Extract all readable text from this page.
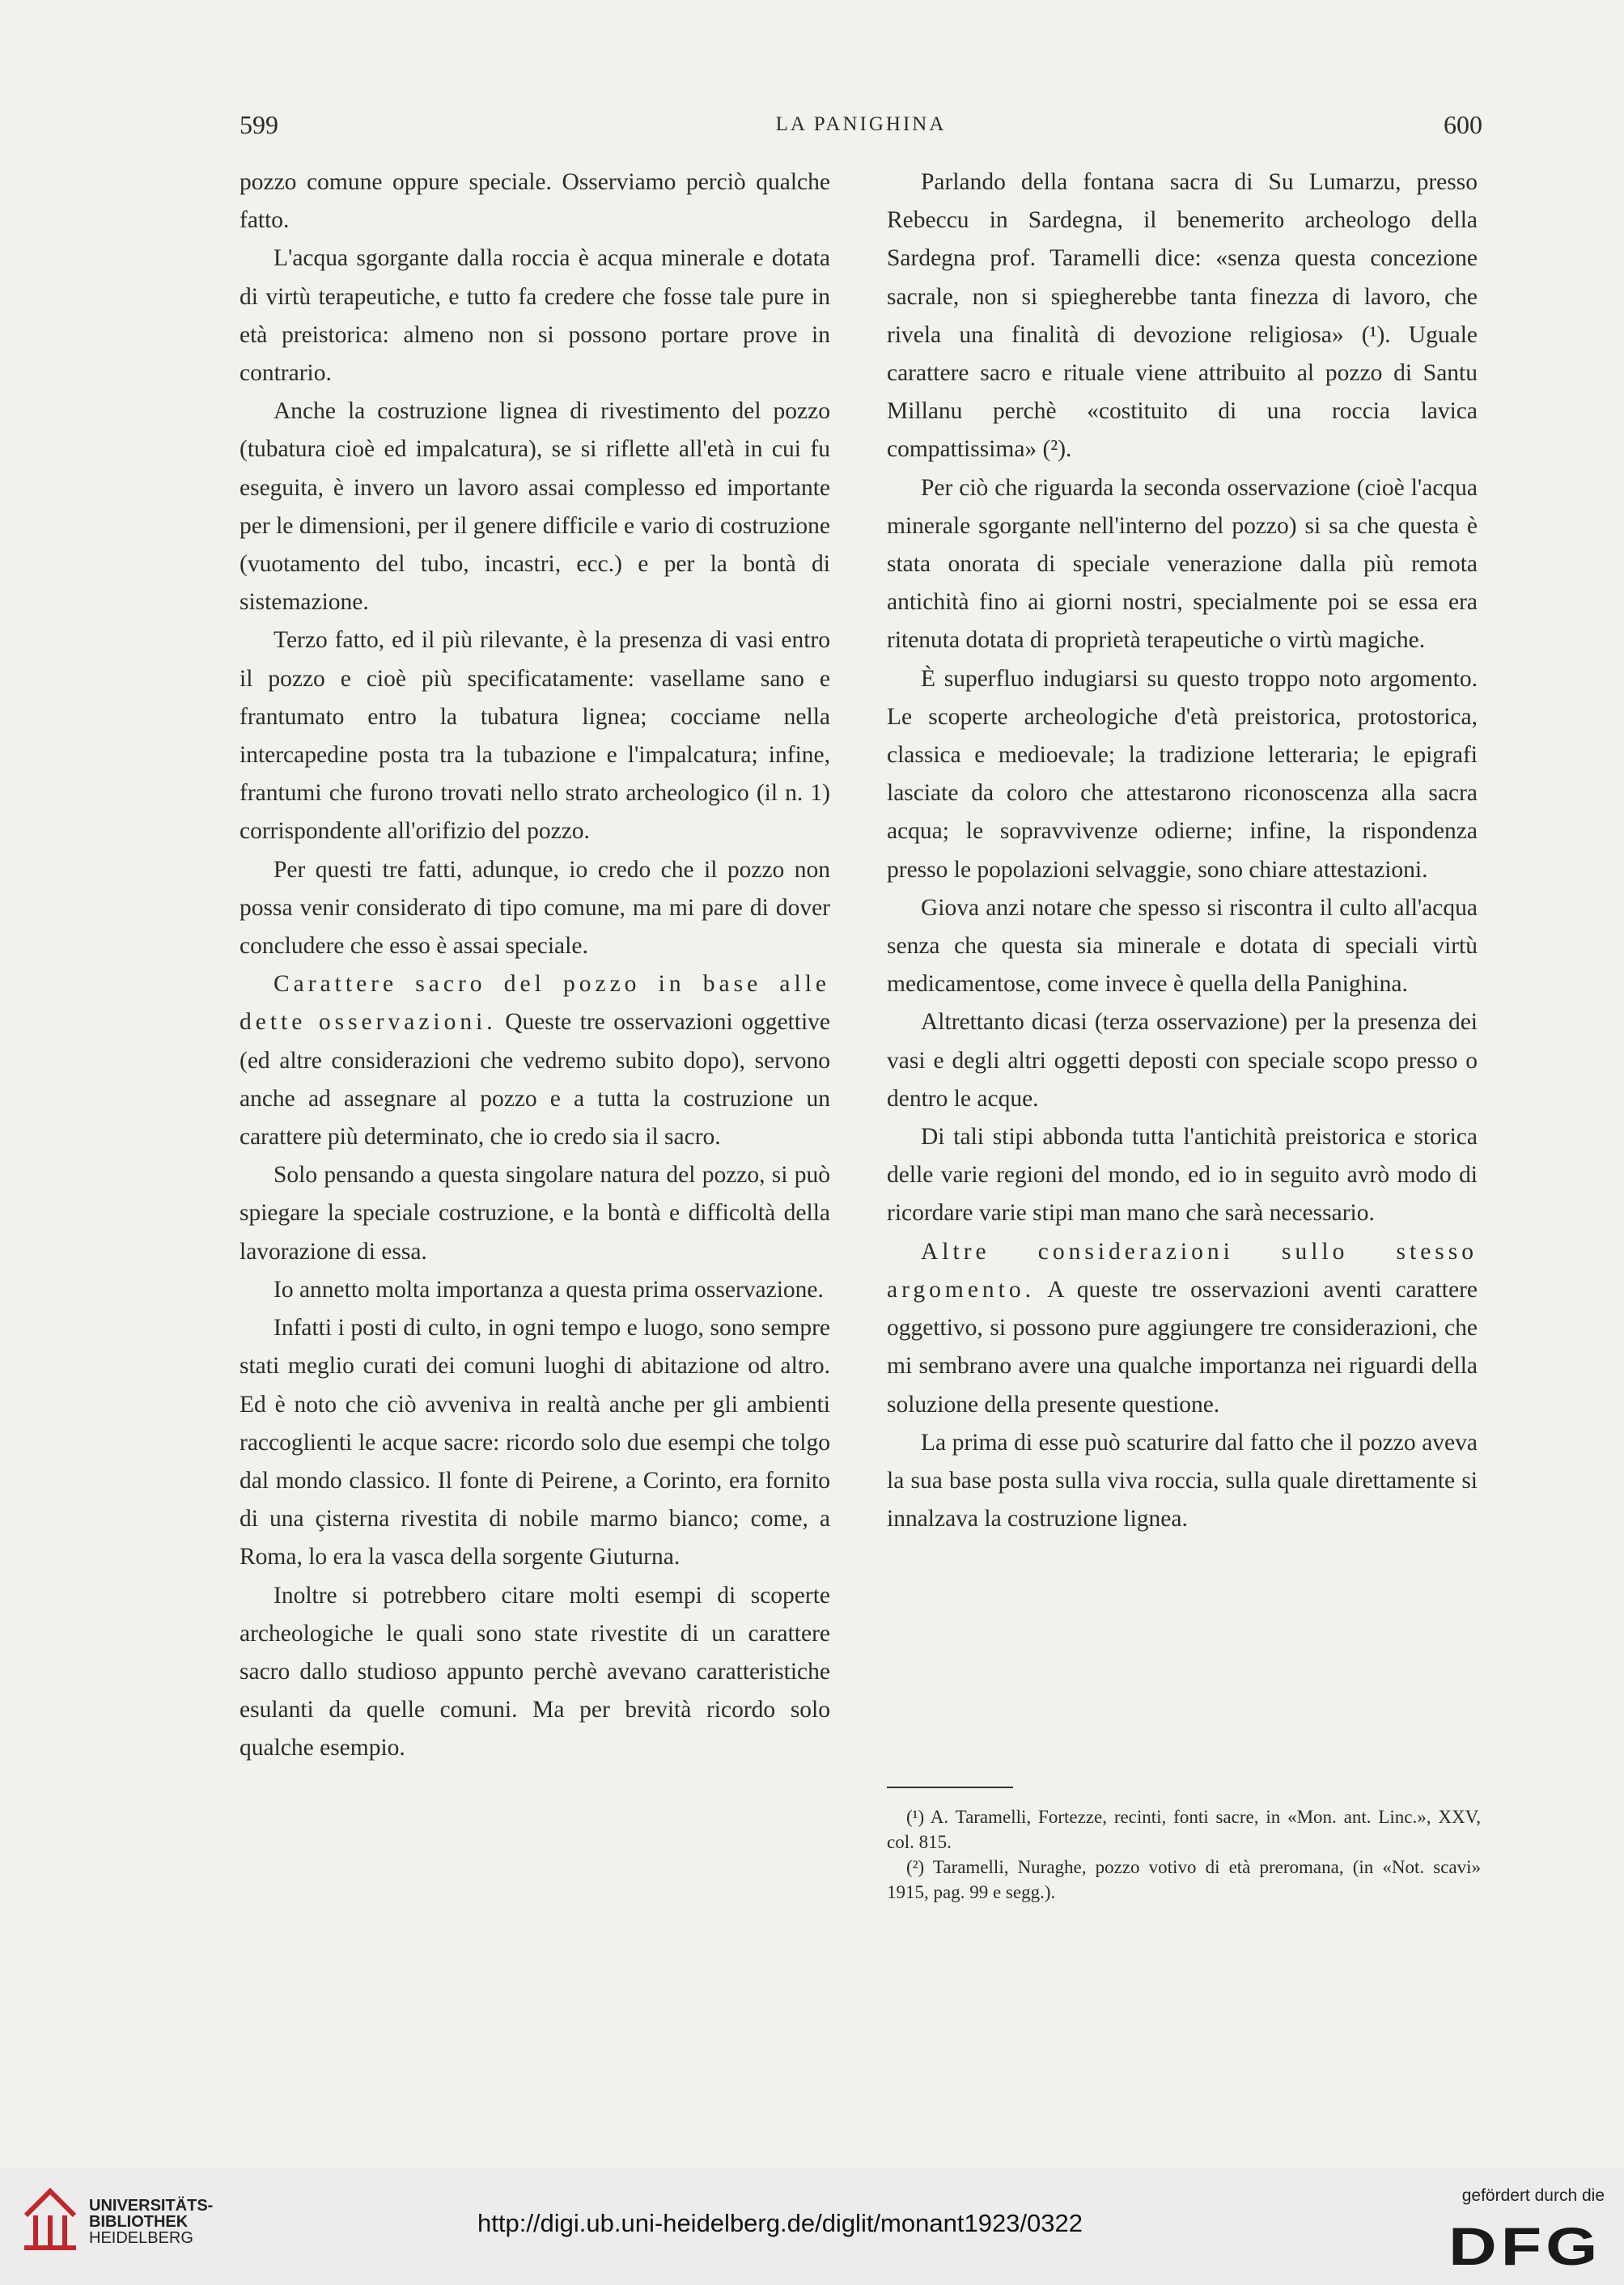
599	LA PANIGHINA	600

pozzo comune oppure speciale. Osserviamo perciò qualche fatto.

L'acqua sgorgante dalla roccia è acqua minerale e dotata di virtù terapeutiche, e tutto fa credere che fosse tale pure in età preistorica: almeno non si possono portare prove in contrario.

Anche la costruzione lignea di rivestimento del pozzo (tubatura cioè ed impalcatura), se si riflette all'età in cui fu eseguita, è invero un lavoro assai complesso ed importante per le dimensioni, per il genere difficile e vario di costruzione (vuotamento del tubo, incastri, ecc.) e per la bontà di sistemazione.

Terzo fatto, ed il più rilevante, è la presenza di vasi entro il pozzo e cioè più specificatamente: vasellame sano e frantumato entro la tubatura lignea; cocciame nella intercapedine posta tra la tubazione e l'impalcatura; infine, frantumi che furono trovati nello strato archeologico (il n. 1) corrispondente all'orifizio del pozzo.

Per questi tre fatti, adunque, io credo che il pozzo non possa venir considerato di tipo comune, ma mi pare di dover concludere che esso è assai speciale.

Carattere sacro del pozzo in base alle dette osservazioni. Queste tre osservazioni oggettive (ed altre considerazioni che vedremo subito dopo), servono anche ad assegnare al pozzo e a tutta la costruzione un carattere più determinato, che io credo sia il sacro.

Solo pensando a questa singolare natura del pozzo, si può spiegare la speciale costruzione, e la bontà e difficoltà della lavorazione di essa.

Io annetto molta importanza a questa prima osservazione.

Infatti i posti di culto, in ogni tempo e luogo, sono sempre stati meglio curati dei comuni luoghi di abitazione od altro. Ed è noto che ciò avveniva in realtà anche per gli ambienti raccoglienti le acque sacre: ricordo solo due esempi che tolgo dal mondo classico. Il fonte di Peirene, a Corinto, era fornito di una çisterna rivestita di nobile marmo bianco; come, a Roma, lo era la vasca della sorgente Giuturna.

Inoltre si potrebbero citare molti esempi di scoperte archeologiche le quali sono state rivestite di un carattere sacro dallo studioso appunto perchè avevano caratteristiche esulanti da quelle comuni. Ma per brevità ricordo solo qualche esempio.

Parlando della fontana sacra di Su Lumarzu, presso Rebeccu in Sardegna, il benemerito archeologo della Sardegna prof. Taramelli dice: «senza questa concezione sacrale, non si spiegherebbe tanta finezza di lavoro, che rivela una finalità di devozione religiosa» (¹). Uguale carattere sacro e rituale viene attribuito al pozzo di Santu Millanu perchè «costituito di una roccia lavica compattissima» (²).

Per ciò che riguarda la seconda osservazione (cioè l'acqua minerale sgorgante nell'interno del pozzo) si sa che questa è stata onorata di speciale venerazione dalla più remota antichità fino ai giorni nostri, specialmente poi se essa era ritenuta dotata di proprietà terapeutiche o virtù magiche.

È superfluo indugiarsi su questo troppo noto argomento. Le scoperte archeologiche d'età preistorica, protostorica, classica e medioevale; la tradizione letteraria; le epigrafi lasciate da coloro che attestarono riconoscenza alla sacra acqua; le sopravvivenze odierne; infine, la rispondenza presso le popolazioni selvaggie, sono chiare attestazioni.

Giova anzi notare che spesso si riscontra il culto all'acqua senza che questa sia minerale e dotata di speciali virtù medicamentose, come invece è quella della Panighina.

Altrettanto dicasi (terza osservazione) per la presenza dei vasi e degli altri oggetti deposti con speciale scopo presso o dentro le acque.

Di tali stipi abbonda tutta l'antichità preistorica e storica delle varie regioni del mondo, ed io in seguito avrò modo di ricordare varie stipi man mano che sarà necessario.

Altre considerazioni sullo stesso argomento. A queste tre osservazioni aventi carattere oggettivo, si possono pure aggiungere tre considerazioni, che mi sembrano avere una qualche importanza nei riguardi della soluzione della presente questione.

La prima di esse può scaturire dal fatto che il pozzo aveva la sua base posta sulla viva roccia, sulla quale direttamente si innalzava la costruzione lignea.

(¹) A. Taramelli, Fortezze, recinti, fonti sacre, in «Mon. ant. Linc.», XXV, col. 815.

(²) Taramelli, Nuraghe, pozzo votivo di età preromana, (in «Not. scavi» 1915, pag. 99 e segg.).

UNIVERSITÄTS-
BIBLIOTHEK
HEIDELBERG
http://digi.ub.uni-heidelberg.de/diglit/monant1923/0322
gefördert durch die
DFG
